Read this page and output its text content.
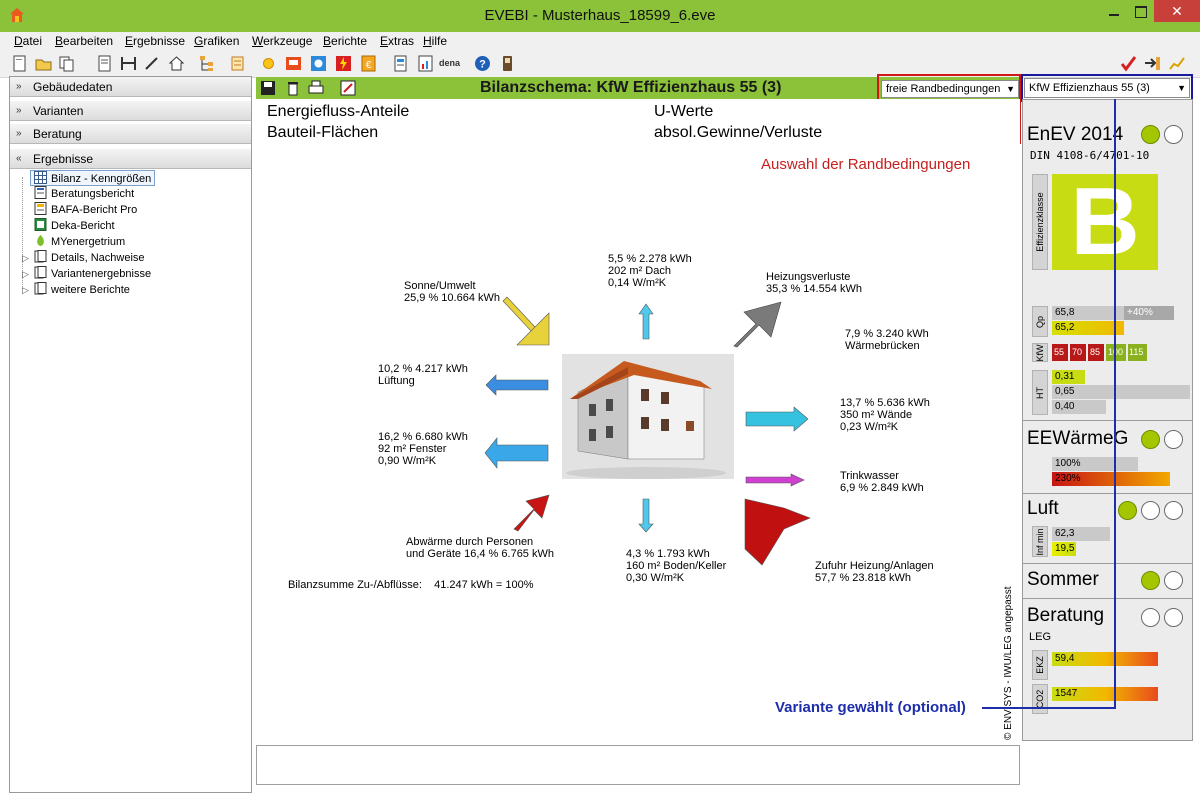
EVEBI - Musterhaus_18599_6.eve	✕
Datei Bearbeiten Ergebnisse Grafiken Werkzeuge Berichte Extras Hilfe
€	dena ?
» Gebäudedaten
» Varianten
» Beratung
« Ergebnisse
Bilanz - Kenngrößen
Beratungsbericht
BAFA-Bericht Pro
Deka-Bericht
MYenergetrium
▷	Details, Nachweise
▷	Variantenergebnisse
▷	weitere Berichte
Bilanzschema: KfW Effizienzhaus 55 (3)	freie Randbedingungen ▼	KfW Effizienzhaus 55 (3)	▼
Energiefluss-Anteile
Bauteil-Flächen
U-Werte
absol.Gewinne/Verluste
Auswahl der Randbedingungen
Sonne/Umwelt
25,9 % 10.664 kWh
5,5 % 2.278 kWh
202 m² Dach
0,14 W/m²K	Heizungsverluste
35,3 % 14.554 kWh
7,9 % 3.240 kWh
Wärmebrücken
10,2 % 4.217 kWh
Lüftung
13,7 % 5.636 kWh
350 m² Wände
0,23 W/m²K
16,2 % 6.680 kWh
92 m² Fenster
0,90 W/m²K
Trinkwasser
6,9 % 2.849 kWh
Abwärme durch Personen
und Geräte 16,4 % 6.765 kWh	4,3 % 1.793 kWh
160 m² Boden/Keller
0,30 W/m²K
Zufuhr Heizung/Anlagen
57,7 % 23.818 kWh
Bilanzsumme Zu-/Abflüsse:    41.247 kWh = 100%
© ENVISYS - IWU/LEG angepasst
EnEV 2014
DIN 4108-6/4701-10
Effizienzklasse B
Qp
65,8	+40%
65,2
KfW 55 70 85 100 115
HT
0,31
0,65
0,40
EEWärmeG
100%
230%
Luft
Inf min	62,3
19,5
Sommer
Beratung
LEG
EKZ	59,4
CO2	1547
Variante gewählt (optional)
